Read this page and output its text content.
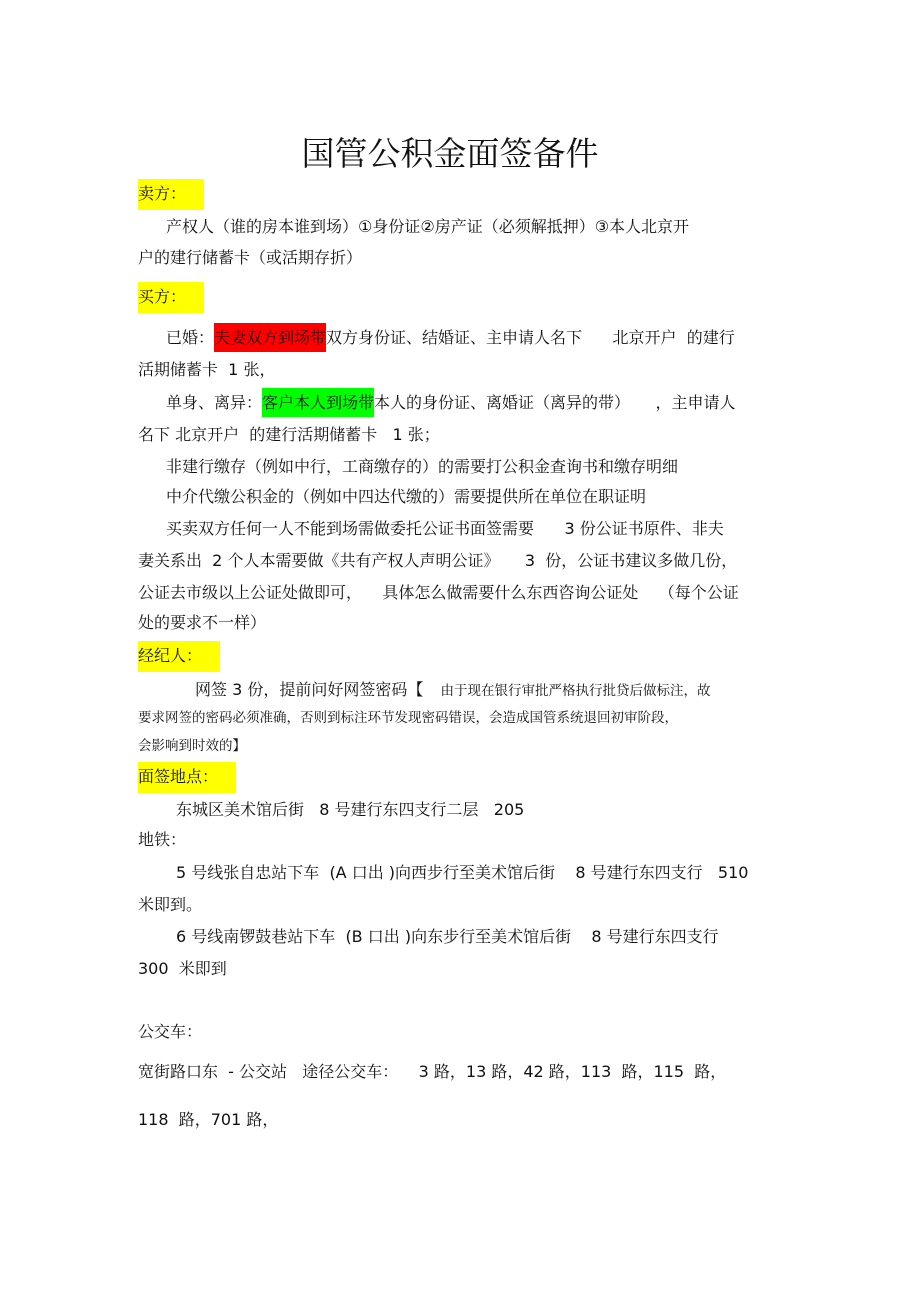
国管公积金面签备件
卖方：
产权人（谁的房本谁到场）①身份证②房产证（必须解抵押）③本人北京开
户的建行储蓄卡（或活期存折）
买方：
已婚：夫妻双方到场带双方身份证、结婚证、主申请人名下      北京开户  的建行
活期储蓄卡  1 张，
单身、离异：客户本人到场带本人的身份证、离婚证（离异的带）     ，主申请人
名下 北京开户  的建行活期储蓄卡   1 张；
非建行缴存（例如中行，工商缴存的）的需要打公积金查询书和缴存明细
中介代缴公积金的（例如中四达代缴的）需要提供所在单位在职证明
买卖双方任何一人不能到场需做委托公证书面签需要      3 份公证书原件、非夫
妻关系出  2 个人本需要做《共有产权人声明公证》     3  份，公证书建议多做几份，
公证去市级以上公证处做即可，    具体怎么做需要什么东西咨询公证处    （每个公证
处的要求不一样）
经纪人：
网签 3 份，提前问好网签密码【    由于现在银行审批严格执行批贷后做标注，故
要求网签的密码必须准确，否则到标注环节发现密码错误，会造成国管系统退回初审阶段，
会影响到时效的】
面签地点：
东城区美术馆后街   8 号建行东四支行二层   205
地铁：
5 号线张自忠站下车  (A 口出 )向西步行至美术馆后街    8 号建行东四支行   510
米即到。
6 号线南锣鼓巷站下车  (B 口出 )向东步行至美术馆后街    8 号建行东四支行
300  米即到
公交车：
宽街路口东  - 公交站   途径公交车：    3 路，13 路，42 路，113  路，115  路，
118  路，701 路，
